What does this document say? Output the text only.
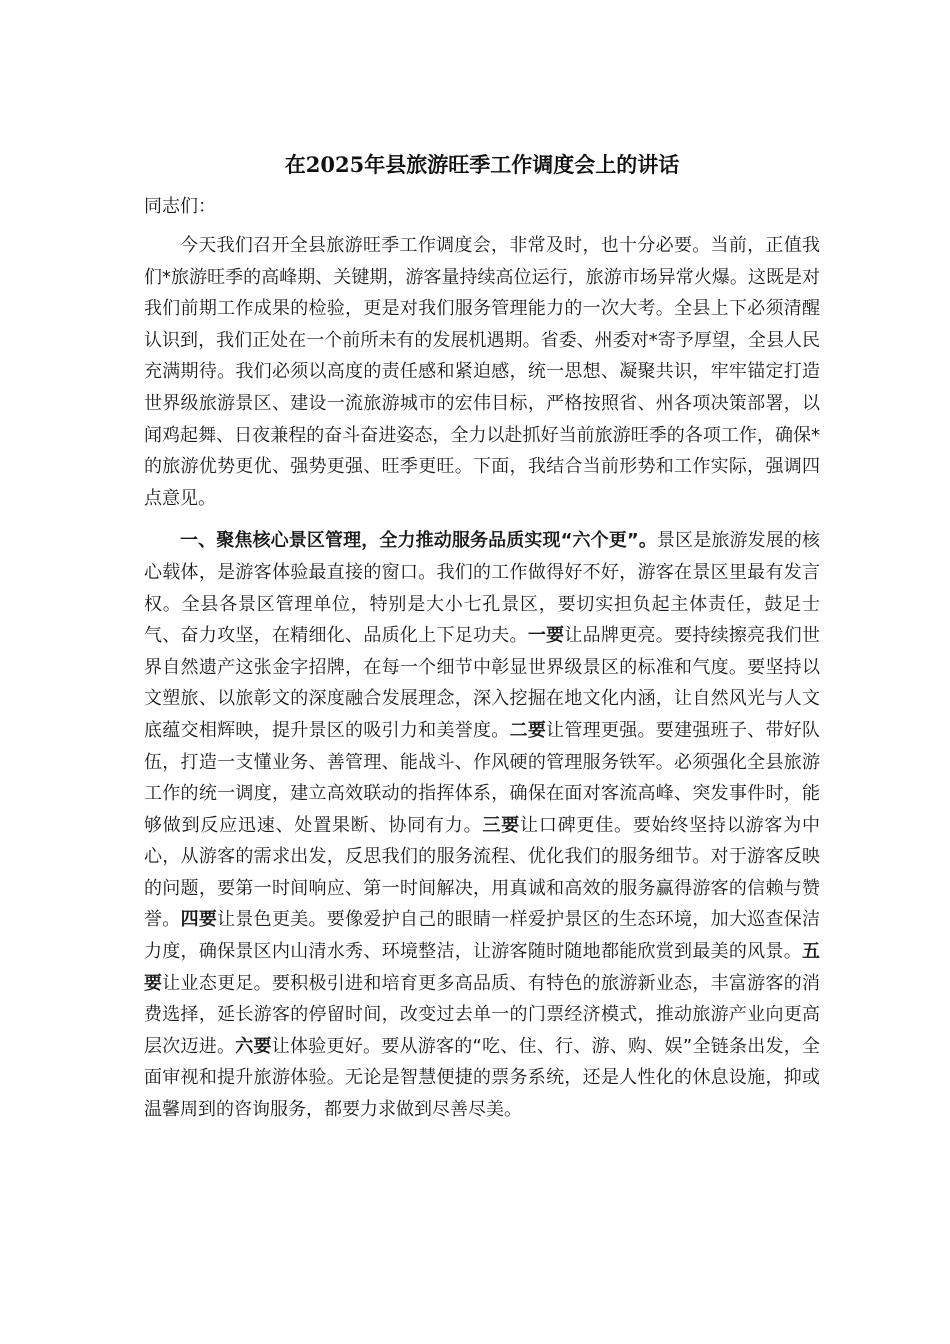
在2025年县旅游旺季工作调度会上的讲话

同志们：

今天我们召开全县旅游旺季工作调度会，非常及时，也十分必要。当前，正值我们*旅游旺季的高峰期、关键期，游客量持续高位运行，旅游市场异常火爆。这既是对我们前期工作成果的检验，更是对我们服务管理能力的一次大考。全县上下必须清醒认识到，我们正处在一个前所未有的发展机遇期。省委、州委对*寄予厚望，全县人民充满期待。我们必须以高度的责任感和紧迫感，统一思想、凝聚共识，牢牢锚定打造世界级旅游景区、建设一流旅游城市的宏伟目标，严格按照省、州各项决策部署，以闻鸡起舞、日夜兼程的奋斗奋进姿态，全力以赴抓好当前旅游旺季的各项工作，确保*的旅游优势更优、强势更强、旺季更旺。下面，我结合当前形势和工作实际，强调四点意见。

一、聚焦核心景区管理，全力推动服务品质实现“六个更”。景区是旅游发展的核心载体，是游客体验最直接的窗口。我们的工作做得好不好，游客在景区里最有发言权。全县各景区管理单位，特别是大小七孔景区，要切实担负起主体责任，鼓足士气、奋力攻坚，在精细化、品质化上下足功夫。一要让品牌更亮。要持续擦亮我们世界自然遗产这张金字招牌，在每一个细节中彰显世界级景区的标准和气度。要坚持以文塑旅、以旅彰文的深度融合发展理念，深入挖掘在地文化内涵，让自然风光与人文底蕴交相辉映，提升景区的吸引力和美誉度。二要让管理更强。要建强班子、带好队伍，打造一支懂业务、善管理、能战斗、作风硬的管理服务铁军。必须强化全县旅游工作的统一调度，建立高效联动的指挥体系，确保在面对客流高峰、突发事件时，能够做到反应迅速、处置果断、协同有力。三要让口碑更佳。要始终坚持以游客为中心，从游客的需求出发，反思我们的服务流程、优化我们的服务细节。对于游客反映的问题，要第一时间响应、第一时间解决，用真诚和高效的服务赢得游客的信赖与赞誉。四要让景色更美。要像爱护自己的眼睛一样爱护景区的生态环境，加大巡查保洁力度，确保景区内山清水秀、环境整洁，让游客随时随地都能欣赏到最美的风景。五要让业态更足。要积极引进和培育更多高品质、有特色的旅游新业态，丰富游客的消费选择，延长游客的停留时间，改变过去单一的门票经济模式，推动旅游产业向更高层次迈进。六要让体验更好。要从游客的“吃、住、行、游、购、娱”全链条出发，全面审视和提升旅游体验。无论是智慧便捷的票务系统，还是人性化的休息设施，抑或温馨周到的咨询服务，都要力求做到尽善尽美。
